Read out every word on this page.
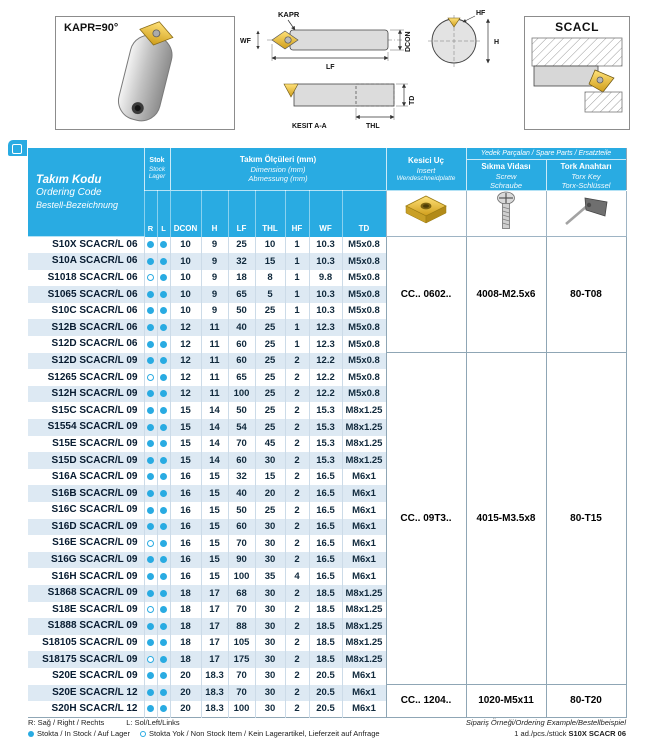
KAPR=90°
KAPR
WF
LF
DCON
HF
H
TD
THL
KESIT A-A
SCACL
Takım Kodu
Ordering Code
Bestell-Bezeichnung

Stok
Stock
Lager

Takım Ölçüleri (mm)
Dimension (mm)
Abmessung (mm)

Kesici Uç
Insert
Wendeschneidplatte

Yedek Parçalan / Spare Parts / Ersatzteile
Sıkma Vidası
Screw
Schraube
Tork Anahtarı
Torx Key
Torx-Schlüssel

	R	L	DCON	H	LF	THL	HF	WF	TD			
S10X SCACR/L 06			10	9	25	10	1	10.3	M5x0.8	CC.. 0602..	4008-M2.5x6	80-T08
S10A SCACR/L 06			10	9	32	15	1	10.3	M5x0.8			
S1018 SCACR/L 06			10	9	18	8	1	9.8	M5x0.8			
S1065 SCACR/L 06			10	9	65	5	1	10.3	M5x0.8			
S10C SCACR/L 06			10	9	50	25	1	10.3	M5x0.8			
S12B SCACR/L 06			12	11	40	25	1	12.3	M5x0.8			
S12D SCACR/L 06			12	11	60	25	1	12.3	M5x0.8			
S12D SCACR/L 09			12	11	60	25	2	12.2	M5x0.8	CC.. 09T3..	4015-M3.5x8	80-T15
S1265 SCACR/L 09			12	11	65	25	2	12.2	M5x0.8			
S12H SCACR/L 09			12	11	100	25	2	12.2	M5x0.8			
S15C SCACR/L 09			15	14	50	25	2	15.3	M8x1.25			
S1554 SCACR/L 09			15	14	54	25	2	15.3	M8x1.25			
S15E SCACR/L 09			15	14	70	45	2	15.3	M8x1.25			
S15D SCACR/L 09			15	14	60	30	2	15.3	M8x1.25			
S16A SCACR/L 09			16	15	32	15	2	16.5	M6x1			
S16B SCACR/L 09			16	15	40	20	2	16.5	M6x1			
S16C SCACR/L 09			16	15	50	25	2	16.5	M6x1			
S16D SCACR/L 09			16	15	60	30	2	16.5	M6x1			
S16E SCACR/L 09			16	15	70	30	2	16.5	M6x1			
S16G SCACR/L 09			16	15	90	30	2	16.5	M6x1			
S16H SCACR/L 09			16	15	100	35	4	16.5	M6x1			
S1868 SCACR/L 09			18	17	68	30	2	18.5	M8x1.25			
S18E SCACR/L 09			18	17	70	30	2	18.5	M8x1.25			
S1888 SCACR/L 09			18	17	88	30	2	18.5	M8x1.25			
S18105 SCACR/L 09			18	17	105	30	2	18.5	M8x1.25			
S18175 SCACR/L 09			18	17	175	30	2	18.5	M8x1.25			
S20E SCACR/L 09			20	18.3	70	30	2	20.5	M6x1			
S20E SCACR/L 12			20	18.3	70	30	2	20.5	M6x1	CC.. 1204..	1020-M5x11	80-T20
S20H SCACR/L 12			20	18.3	100	30	2	20.5	M6x1			
R: Sağ / Right / Rechts	L: Sol/Left/Links
Stokta / In Stock / Auf Lager	Stokta Yok / Non Stock Item / Kein Lagerartikel, Lieferzeit auf Anfrage
Sipariş Örneği/Ordering Example/Bestellbeispiel
1 ad./pcs./stück S10X SCACR 06
